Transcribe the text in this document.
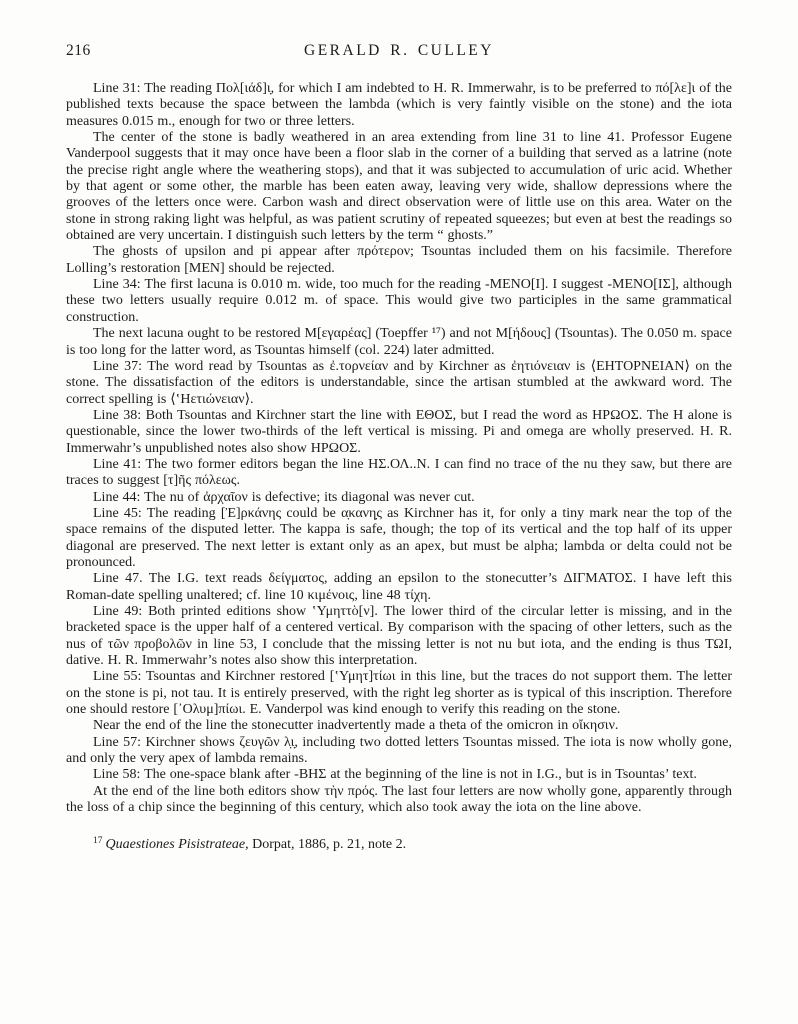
216	GERALD R. CULLEY

Line 31: The reading Πολ[ιάδ]ι̣, for which I am indebted to H. R. Immerwahr, is to be preferred to πό[λε]ι of the published texts because the space between the lambda (which is very faintly visible on the stone) and the iota measures 0.015 m., enough for two or three letters.

The center of the stone is badly weathered in an area extending from line 31 to line 41. Professor Eugene Vanderpool suggests that it may once have been a floor slab in the corner of a building that served as a latrine (note the precise right angle where the weathering stops), and that it was subjected to accumulation of uric acid. Whether by that agent or some other, the marble has been eaten away, leaving very wide, shallow depressions where the grooves of the letters once were. Carbon wash and direct observation were of little use on this area. Water on the stone in strong raking light was helpful, as was patient scrutiny of repeated squeezes; but even at best the readings so obtained are very uncertain. I distinguish such letters by the term “ ghosts.”

The ghosts of upsilon and pi appear after πρότερον; Tsountas included them on his facsimile. Therefore Lolling’s restoration [ΜΕΝ] should be rejected.

Line 34: The first lacuna is 0.010 m. wide, too much for the reading -ΜΕΝΟ[Ι]. I suggest -ΜΕΝΟ[ΙΣ], although these two letters usually require 0.012 m. of space. This would give two participles in the same grammatical construction.

The next lacuna ought to be restored Μ[εγαρέας] (Toepffer ¹⁷) and not Μ[ήδους] (Tsountas). The 0.050 m. space is too long for the latter word, as Tsountas himself (col. 224) later admitted.

Line 37: The word read by Tsountas as ἐ.τορνείαν and by Kirchner as ἐητιόνειαν is ⟨ΕΗΤΟΡΝΕΙΑΝ⟩ on the stone. The dissatisfaction of the editors is understandable, since the artisan stumbled at the awkward word. The correct spelling is ⟨ʽΗετιώνειαν⟩.

Line 38: Both Tsountas and Kirchner start the line with ΕΘΟΣ, but I read the word as ΗΡΩΟΣ. The Η alone is questionable, since the lower two-thirds of the left vertical is missing. Pi and omega are wholly preserved. H. R. Immerwahr’s unpublished notes also show ΗΡΩΟΣ.

Line 41: The two former editors began the line ΗΣ.ΟΛ..Ν. I can find no trace of the nu they saw, but there are traces to suggest [τ]ῆς πόλεως.

Line 44: The nu of ἀρχαῖον is defective; its diagonal was never cut.

Line 45: The reading [Ἐ]ρκάνης could be α̣κανη̣ς as Kirchner has it, for only a tiny mark near the top of the space remains of the disputed letter. The kappa is safe, though; the top of its vertical and the top half of its upper diagonal are preserved. The next letter is extant only as an apex, but must be alpha; lambda or delta could not be pronounced.

Line 47. The I.G. text reads δείγματος, adding an epsilon to the stonecutter’s ΔΙΓΜΑΤΟΣ. I have left this Roman-date spelling unaltered; cf. line 10 κιμένοις, line 48 τίχη.

Line 49: Both printed editions show ʽΥμηττὸ[ν]. The lower third of the circular letter is missing, and in the bracketed space is the upper half of a centered vertical. By comparison with the spacing of other letters, such as the nus of τῶν προβολῶν in line 53, I conclude that the missing letter is not nu but iota, and the ending is thus ΤΩΙ, dative. H. R. Immerwahr’s notes also show this interpretation.

Line 55: Tsountas and Kirchner restored [ʽΥμητ]τίωι in this line, but the traces do not support them. The letter on the stone is pi, not tau. It is entirely preserved, with the right leg shorter as is typical of this inscription. Therefore one should restore [᾿Ολυμ]πίωι. E. Vanderpol was kind enough to verify this reading on the stone.

Near the end of the line the stonecutter inadvertently made a theta of the omicron in οἴκησιν.

Line 57: Kirchner shows ζευγῶν λ̣ι̣, including two dotted letters Tsountas missed. The iota is now wholly gone, and only the very apex of lambda remains.

Line 58: The one-space blank after -ΒΗΣ at the beginning of the line is not in I.G., but is in Tsountas’ text.

At the end of the line both editors show τὴν πρός. The last four letters are now wholly gone, apparently through the loss of a chip since the beginning of this century, which also took away the iota on the line above.

$^{17}$ Quaestiones Pisistrateae, Dorpat, 1886, p. 21, note 2.
